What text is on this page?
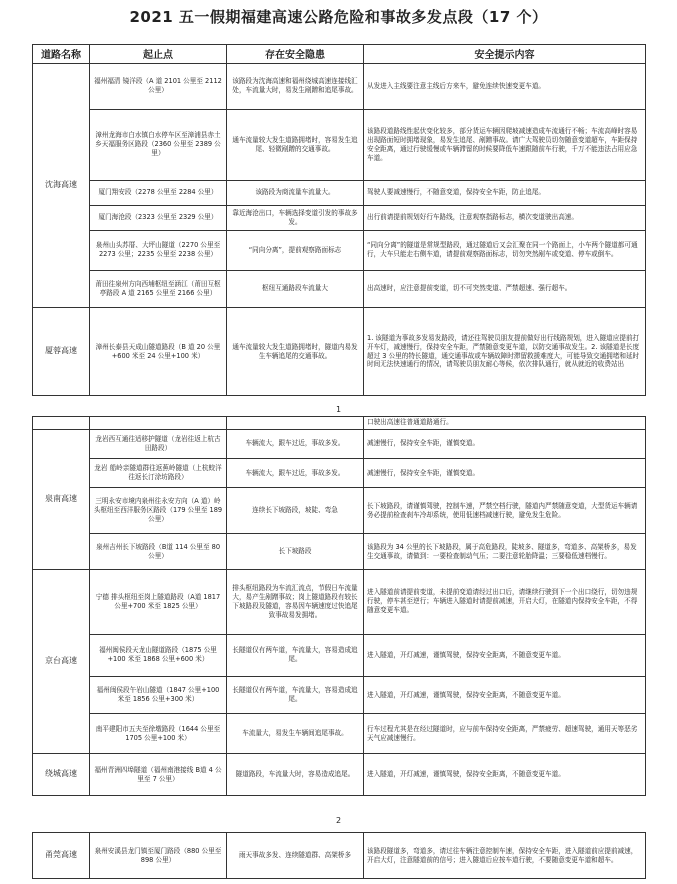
2021 五一假期福建高速公路危险和事故多发点段（17 个）
道路名称	起止点	存在安全隐患	安全提示内容
沈海高速	福州福清 镜洋段（A 道 2101 公里至 2112 公里）	该路段为沈海高速和福州绕城高速连接线汇处，车流量大时，易发生剐蹭和追尾事故。	从发进入主线要注意主线后方来车，避免连续快速变更车道。
	漳州龙海市白水镇白水停车区至漳浦县赤土乡天福服务区路段（2360 公里至 2389 公里）	通车流量较大发生道路拥堵时，容易发生追尾、轻微剐蹭的交通事故。	该路段道路线性起伏变化较多，部分货运车辆因爬坡减速造成车流通行不畅；车流高峰时容易出现路面短时拥堵现象，易发生追尾、剐蹭事故。请广大驾驶员切勿随意变道超车，车距保持安全距离，通过行驶缓慢或车辆滞留的时候要降低车速跟随前车行驶，千万不能违法占用应急车道。
	厦门翔安段（2278 公里至 2284 公里）	该路段为商流量车流量大。	驾驶人要减速慢行，不随意变道，保持安全车距，防止追尾。
	厦门海沧段（2323 公里至 2329 公里）	靠近海沧出口，车辆选择变道引发的事故多发。	出行前请提前规划好行车路线，注意观察指路标志，横次变道驶出高速。
	泉州山头苏厝、大坪山隧道（2270 公里至 2273 公里；2235 公里至 2238 公里）	“同向分离”，提前观察路面标志	“同向分离”的隧道是常规型路段，通过隧道后又会汇聚在同一个路面上，小车两个隧道都可通行，大车只能走右侧车道，请提前观察路面标志，切勿突然剐车或变道、停车或倒车。
	莆田往泉州方向西埔枢纽至涵江（莆田互枢亭路段 A 道 2165 公里至 2166 公里）	枢纽互通路段车流量大	出高速时，应注意提前变道，切不可突然变道、严禁超速、强行超车。
厦蓉高速	漳州长泰县天成山隧道路段（B 道 20 公里+600 米至 24 公里+100 米）	通车流量较大发生道路拥堵时，隧道内易发生车辆追尾的交通事故。	1. 该隧道为事故多发易发路段，请还往驾驶员朋友提前做好出行线路规划，进入隧道应提前打开车灯，减速慢行，保持安全车距，严禁随意变更车道，以防交通事故发生。2. 该隧道是长度超过 3 公里的特长隧道，通交通事故或车辆故障时滞留救援难度大，可能导致交通拥堵和延时时间无法快速通行的情况，请驾驶员朋友耐心等候，依次排队通行，就从就近的收费站出
1
			口驶出高速往普通道路通行。
泉南高速	龙岩西互通往适移护隧道（龙岩往返上杭古田路段）	车辆流大，跟车过近，事故多发。	减速慢行，保持安全车距，谨慎变道。
	龙岩 船岭亲隧道群往返蕉岭隧道（上杭蛟洋往返长汀涂坊路段）	车辆流大，跟车过近，事故多发。	减速慢行，保持安全车距，谨慎变道。
	三明永安市境内泉州往永安方向（A 道）岭头枢纽至西洋服务区路段（179 公里至 189 公里）	连续长下坡路段，坡陡、弯急	长下坡路段，请谨慎驾驶，控制车速，严禁空档行驶，隧道内严禁随意变道，大型货运车辆请务必提前检查刹车冷却系统，使用低速档减速行驶，避免发生危险。
	泉州吉州长下坡路段（B道 114 公里至 80 公里）	长下坡路段	该路段为 34 公里的长下坡路段，属于高危路段，陡坡多、隧道多，弯道多、高架桥多，易发生交通事故，请做到：一要检查制动气压；二要注意轮胎降温；三要稳低速档慢行。
京台高速	宁德 排头枢纽至岗上隧道路段（A道 1817 公里+700 米至 1825 公里）	排头枢纽路段为车流汇流点，节假日车流量大，易产生剐蹭事故；岗上隧道路段有较长下坡路段及隧道，容易因车辆速度过快追尾致事故易发拥堵。	进入隧道前请提前变道，未提前变道请经过出口后，请继续行驶到下一个出口绕行，切勿违规行驶，停车甚至逆行；车辆进入隧道时请提前减速，开启大灯，在隧道内保持安全车距，不得随意变更车道。
	福州闽侯段天龙山隧道路段（1875 公里+100 米至 1868 公里+600 米）	长隧道仅有两车道，车流量大，容易造成追尾。	进入隧道，开灯减速，谨慎驾驶，保持安全距离，不随意变更车道。
	福州闽侯段午岩山隧道（1847 公里+100 米至 1856 公里+300 米）	长隧道仅有两车道，车流量大，容易造成追尾。	进入隧道，开灯减速，谨慎驾驶，保持安全距离，不随意变更车道。
	南平建阳市五夫至徐墩路段（1644 公里至 1705 公里+100 米）	车流量大，易发生车辆间追尾事故。	行车过程尤其是在经过隧道时，应与前车保持安全距离，严禁疲劳、超速驾驶，通用天等恶劣天气应减速慢行。
绕城高速	福州青洲四埠隧道（福州南港接线 B道 4 公里至 7 公里）	隧道路段，车流量大时，容易造成追尾。	进入隧道，开灯减速，谨慎驾驶，保持安全距离，不随意变更车道。
2
甬莞高速	泉州安溪县龙门镇至厦门路段（880 公里至 898 公里）	雨天事故多发、连续隧道群、高架桥多	该路段隧道多，弯道多，请过往车辆注意控制车速，保持安全车距，进入隧道前应提前减速，开启大灯，注意隧道前的信号；进入隧道后应按车道行驶，不要随意变更车道和超车。
